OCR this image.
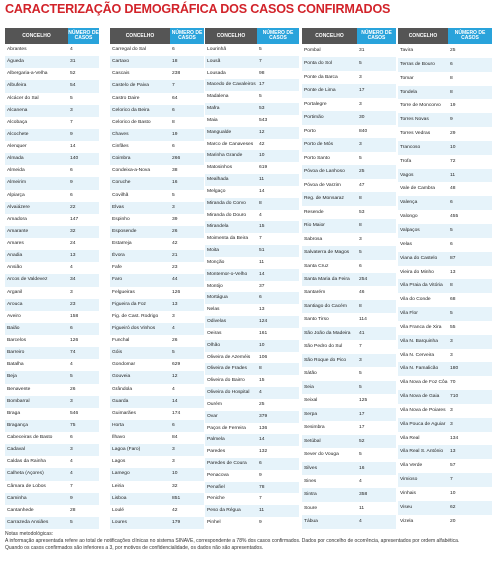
CARACTERIZAÇÃO DEMOGRÁFICA DOS CASOS CONFIRMADOS
CONCELHO
NÚMERO DE CASOS
Abrantes	4
Águeda	31
Albergaria-a-Velha	52
Albufeira	54
Alcácer do Sal	5
Alcanena	3
Alcobaça	7
Alcochete	9
Alenquer	14
Almada	140
Almeida	6
Almeirim	9
Alpiarça	6
Alvaiázere	22
Amadora	147
Amarante	32
Amares	24
Anadia	13
Ansião	4
Arcos de Valdevez	34
Arganil	3
Arouca	23
Aveiro	158
Baião	6
Barcelos	126
Barreiro	74
Batalha	4
Beja	5
Benavente	26
Bombarral	3
Braga	546
Bragança	75
Cabeceiras de Basto	6
Cadaval	3
Caldas da Rainha	4
Calheta (Açores)	4
Câmara de Lobos	7
Caminha	9
Cantanhede	28
Carrazeda Ansiães	5
CONCELHO
NÚMERO DE CASOS
Carregal do Sal	6
Cartaxo	18
Cascais	238
Castelo de Paiva	7
Castro Daire	64
Celorico da Beira	6
Celorico de Basto	8
Chaves	19
Cinfães	6
Coimbra	266
Condeixa-a-Nova	38
Coruche	16
Covilhã	5
Elvas	3
Espinho	39
Esposende	26
Estarreja	42
Évora	21
Fafe	23
Faro	44
Felgueiras	126
Figueira da Foz	13
Fig. de Cast. Rodrigo	3
Figueiró dos Vinhos	4
Funchal	26
Góis	5
Gondomar	629
Gouveia	12
Grândola	4
Guarda	14
Guimarães	174
Horta	6
Ílhavo	84
Lagoa (Faro)	3
Lagos	3
Lamego	10
Leiria	32
Lisboa	851
Loulé	42
Loures	179
CONCELHO
NÚMERO DE CASOS
Lourinhã	5
Lousã	7
Lousada	98
Macedo de Cavaleiros 17
Madalena	5
Mafra	53
Maia	543
Mangualde	12
Marco de Canaveses	42
Marinha Grande	10
Matosinhos	619
Mealhada	11
Melgaço	14
Miranda do Corvo	8
Miranda do Douro	4
Mirandela	15
Moimenta da Beira	7
Moita	51
Monção	11
Montemor-o-Velho	14
Montijo	37
Mortágua	6
Nelas	13
Odivelas	124
Oeiras	161
Olhão	10
Oliveira de Azeméis	106
Oliveira de Frades	8
Oliveira do Bairro	15
Oliveira do Hospital	4
Ourém	25
Ovar	379
Paços de Ferreira	136
Palmela	14
Paredes	132
Paredes de Coura	6
Penacova	9
Penafiel	78
Peniche	7
Peso da Régua	11
Pinhel	9
CONCELHO
NÚMERO DE CASOS
Pombal	31
Ponta do Sol	5
Ponte da Barca	3
Ponte de Lima	17
Portalegre	3
Portimão	30
Porto	840
Porto de Mós	3
Porto Santo	5
Póvoa de Lanhoso	25
Póvoa de Varzim	47
Reg. de Monsaraz	8
Resende	53
Rio Maior	8
Sabrosa	3
Salvaterra de Magos	5
Santa Cruz	6
Santa Maria da Feira	254
Santarém	46
Santiago do Cacém	8
Santo Tirso	114
São João da Madeira	41
São Pedro do Sul	7
São Roque do Pico	3
Sátão	5
Seia	5
Seixal	125
Serpa	17
Sesimbra	17
Setúbal	52
Sever do Vouga	5
Silves	16
Sines	4
Sintra	358
Soure	11
Tábua	4
CONCELHO
NÚMERO DE CASOS
Tavira	25
Terras de Bouro	6
Tomar	8
Tondela	8
Torre de Moncorvo	19
Torres Novas	9
Torres Vedras	29
Trancoso	10
Trofa	72
Vagos	11
Vale de Cambra	48
Valença	6
Valongo	455
Valpaços	5
Velas	6
Viana do Castelo	87
Vieira do Minho	13
Vila Praia da Vitória	8
Vila do Conde	68
Vila Flor	5
Vila Franca de Xira	55
Vila N. Barquinha	3
Vila N. Cerveira	3
Vila N. Famalicão	180
Vila Nova de Foz Côa 70
Vila Nova de Gaia	710
Vila Nova de Poiares 3
Vila Pouca de Aguiar 3
Vila Real	134
Vila Real S. António	13
Vila Verde	57
Vimioso	7
Vinhais	10
Viseu	62
Vizela	20
Notas metodológicas:
A informação apresentada refere ao total de notificações clínicas no sistema SINAVE, correspondente a 78% dos casos confirmados. Dados por concelho de ocorrência, apresentados por ordem alfabética.
Quando os casos confirmados são inferiores a 3, por motivos de confidencialidade, os dados não são apresentados.
